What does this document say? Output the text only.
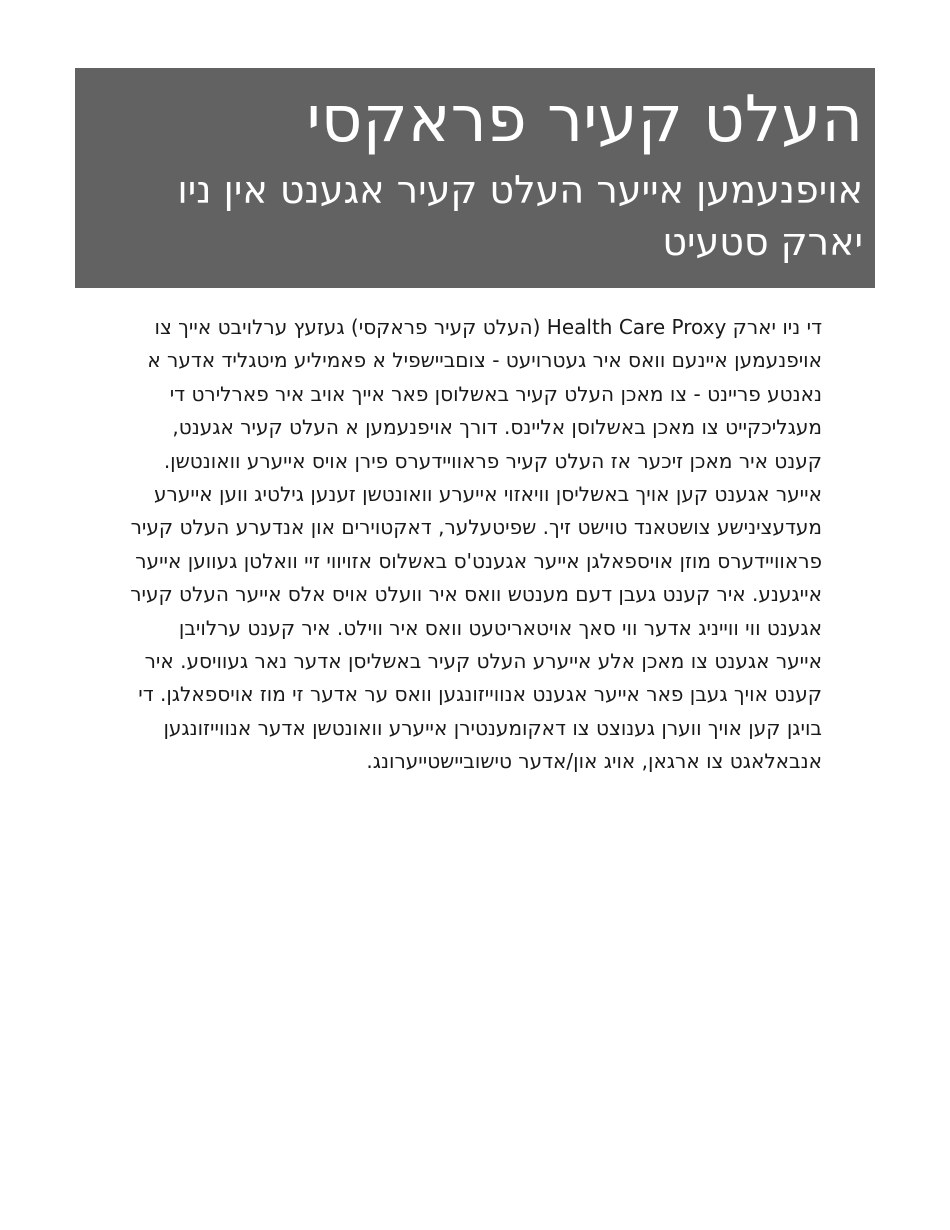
העלט קעיר פראקסי
אויפנעמען אייער העלט קעיר אגענט אין ניו יארק סטעיט

די ניו יארק Health Care Proxy (העלט קעיר פראקסי) געזעץ ערלויבט אייך צו אויפנעמען איינעם וואס איר געטרויעט - צוםביישפיל א פאמיליע מיטגליד אדער א נאנטע פריינט - צו מאכן העלט קעיר באשלוסן פאר אייך אויב איר פארלירט די מעגליכקייט צו מאכן באשלוסן אליינס. דורך אויפנעמען א העלט קעיר אגענט, קענט איר מאכן זיכער אז העלט קעיר פראוויידערס פירן אויס אייערע וואונטשן. אייער אגענט קען אויך באשליסן וויאזוי אייערע וואונטשן זענען גילטיג ווען אייערע מעדעצינישע צושטאנד טוישט זיך. שפיטעלער, דאקטוירים און אנדערע העלט קעיר פראוויידערס מוזן אויספאלגן אייער אגענט'ס באשלוס אזויווי זיי וואלטן געווען אייער אייגענע. איר קענט געבן דעם מענטש וואס איר וועלט אויס אלס אייער העלט קעיר אגענט ווי ווייניג אדער ווי סאך אויטאריטעט וואס איר ווילט. איר קענט ערלויבן אייער אגענט צו מאכן אלע אייערע העלט קעיר באשליסן אדער נאר געוויסע. איר קענט אויך געבן פאר אייער אגענט אנווייזונגען וואס ער אדער זי מוז אויספאלגן. די בויגן קען אויך ווערן גענוצט צו דאקומענטירן אייערע וואונטשן אדער אנווייזונגען אנבאלאגט צו ארגאן, אויג און/אדער טישוביישטייערונג.
